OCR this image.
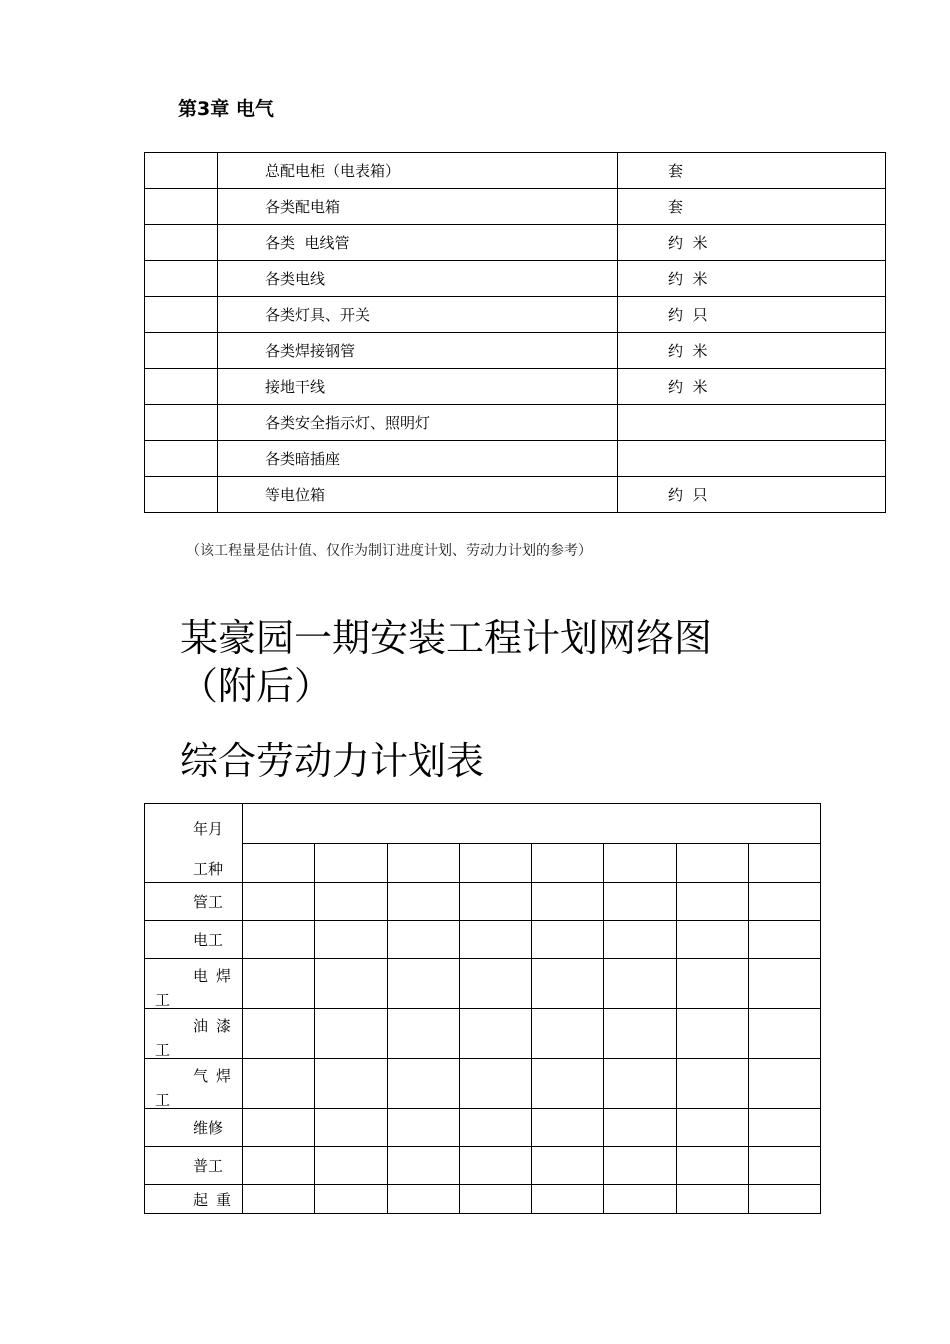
第3章 电气
	总配电柜（电表箱）	套
	各类配电箱	套
	各类  电线管	约  米
	各类电线	约  米
	各类灯具、开关	约  只
	各类焊接钢管	约  米
	接地干线	约  米
	各类安全指示灯、照明灯	
	各类暗插座	
	等电位箱	约  只
（该工程量是估计值、仅作为制订进度计划、劳动力计划的参考）
某豪园一期安装工程计划网络图
（附后）
综合劳动力计划表
年月
工种								

管工								
电工								

电焊
工								

油漆
工								

气焊
工								

维修								
普工								
起重								
